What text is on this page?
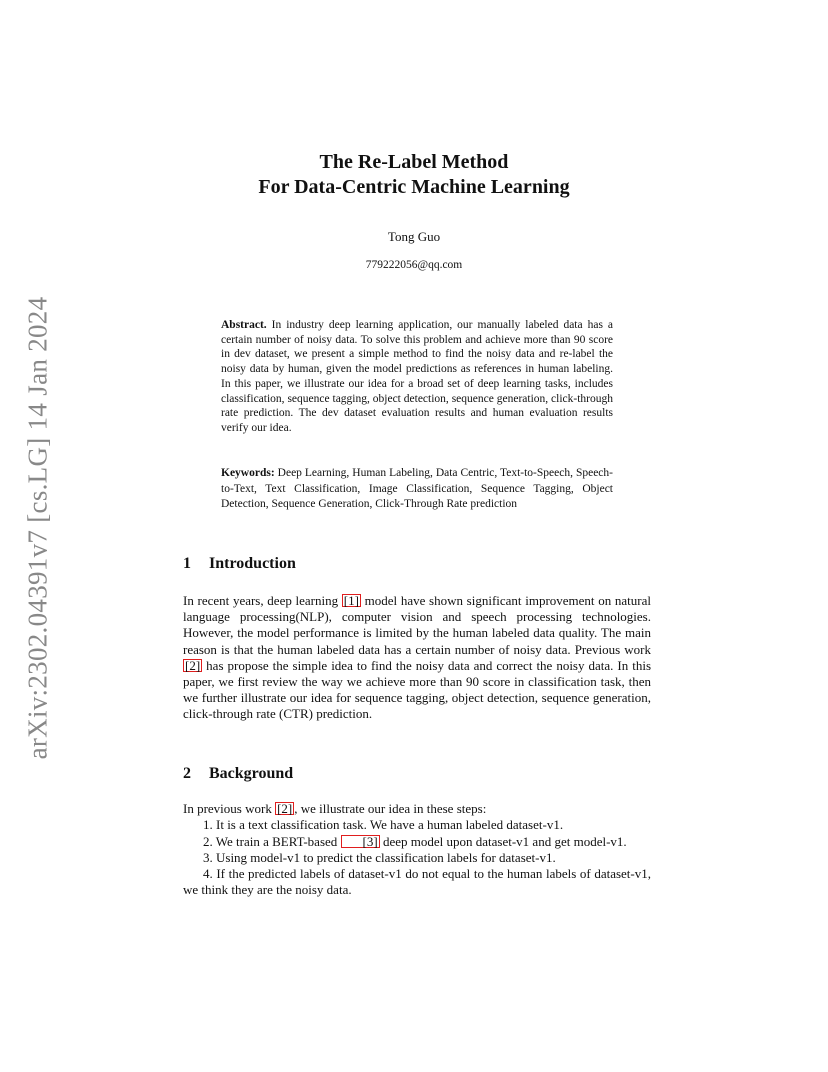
arXiv:2302.04391v7 [cs.LG] 14 Jan 2024
The Re-Label Method
For Data-Centric Machine Learning
Tong Guo
779222056@qq.com
Abstract. In industry deep learning application, our manually labeled data has a certain number of noisy data. To solve this problem and achieve more than 90 score in dev dataset, we present a simple method to find the noisy data and re-label the noisy data by human, given the model predictions as references in human labeling. In this paper, we illustrate our idea for a broad set of deep learning tasks, includes classification, sequence tagging, object detection, sequence generation, click-through rate prediction. The dev dataset evaluation results and human evaluation results verify our idea.
Keywords: Deep Learning, Human Labeling, Data Centric, Text-to-Speech, Speech-to-Text, Text Classification, Image Classification, Sequence Tagging, Object Detection, Sequence Generation, Click-Through Rate prediction
1 Introduction
In recent years, deep learning [1] model have shown significant improvement on natural language processing(NLP), computer vision and speech processing technologies. However, the model performance is limited by the human labeled data quality. The main reason is that the human labeled data has a certain number of noisy data. Previous work [2] has propose the simple idea to find the noisy data and correct the noisy data. In this paper, we first review the way we achieve more than 90 score in classification task, then we further illustrate our idea for sequence tagging, object detection, sequence generation, click-through rate (CTR) prediction.
2 Background

In previous work [2] , we illustrate our idea in these steps:

1. It is a text classification task. We have a human labeled dataset-v1.

2. We train a BERT-based [3] deep model upon dataset-v1 and get model-v1.

3. Using model-v1 to predict the classification labels for dataset-v1.

4. If the predicted labels of dataset-v1 do not equal to the human labels of dataset-v1, we think they are the noisy data.
